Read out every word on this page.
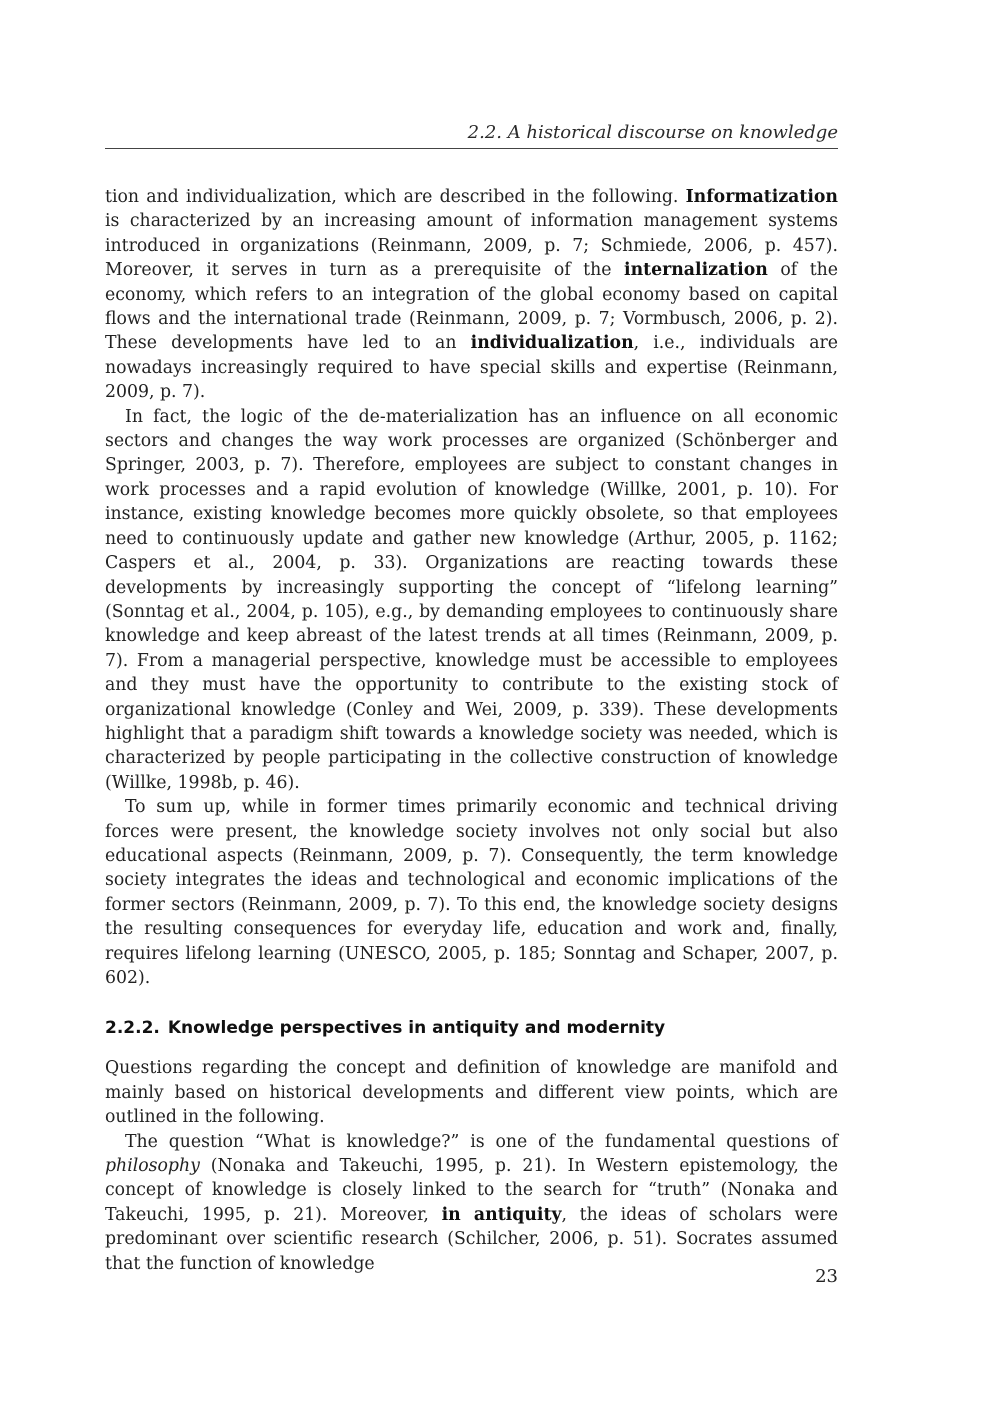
2.2. A historical discourse on knowledge

tion and individualization, which are described in the following. Informatization is characterized by an increasing amount of information management systems introduced in organizations (Reinmann, 2009, p. 7; Schmiede, 2006, p. 457). Moreover, it serves in turn as a prerequisite of the internalization of the economy, which refers to an integration of the global economy based on capital flows and the international trade (Reinmann, 2009, p. 7; Vormbusch, 2006, p. 2). These developments have led to an individualization, i.e., individuals are nowadays increasingly required to have special skills and expertise (Reinmann, 2009, p. 7).

In fact, the logic of the de-materialization has an influence on all economic sectors and changes the way work processes are organized (Schönberger and Springer, 2003, p. 7). Therefore, employees are subject to constant changes in work processes and a rapid evolution of knowledge (Willke, 2001, p. 10). For instance, existing knowledge becomes more quickly obsolete, so that employees need to continuously update and gather new knowledge (Arthur, 2005, p. 1162; Caspers et al., 2004, p. 33). Organizations are reacting towards these developments by increasingly supporting the concept of “lifelong learning” (Sonntag et al., 2004, p. 105), e.g., by demanding employees to continuously share knowledge and keep abreast of the latest trends at all times (Reinmann, 2009, p. 7). From a managerial perspective, knowledge must be accessible to employees and they must have the opportunity to contribute to the existing stock of organizational knowledge (Conley and Wei, 2009, p. 339). These developments highlight that a paradigm shift towards a knowledge society was needed, which is characterized by people participating in the collective construction of knowledge (Willke, 1998b, p. 46).

To sum up, while in former times primarily economic and technical driving forces were present, the knowledge society involves not only social but also educational aspects (Reinmann, 2009, p. 7). Consequently, the term knowledge society integrates the ideas and technological and economic implications of the former sectors (Reinmann, 2009, p. 7). To this end, the knowledge society designs the resulting consequences for everyday life, education and work and, finally, requires lifelong learning (UNESCO, 2005, p. 185; Sonntag and Schaper, 2007, p. 602).

2.2.2. Knowledge perspectives in antiquity and modernity

Questions regarding the concept and definition of knowledge are manifold and mainly based on historical developments and different view points, which are outlined in the following.

The question “What is knowledge?” is one of the fundamental questions of philosophy (Nonaka and Takeuchi, 1995, p. 21). In Western epistemology, the concept of knowledge is closely linked to the search for “truth” (Nonaka and Takeuchi, 1995, p. 21). Moreover, in antiquity, the ideas of scholars were predominant over scientific research (Schilcher, 2006, p. 51). Socrates assumed that the function of knowledge

23
